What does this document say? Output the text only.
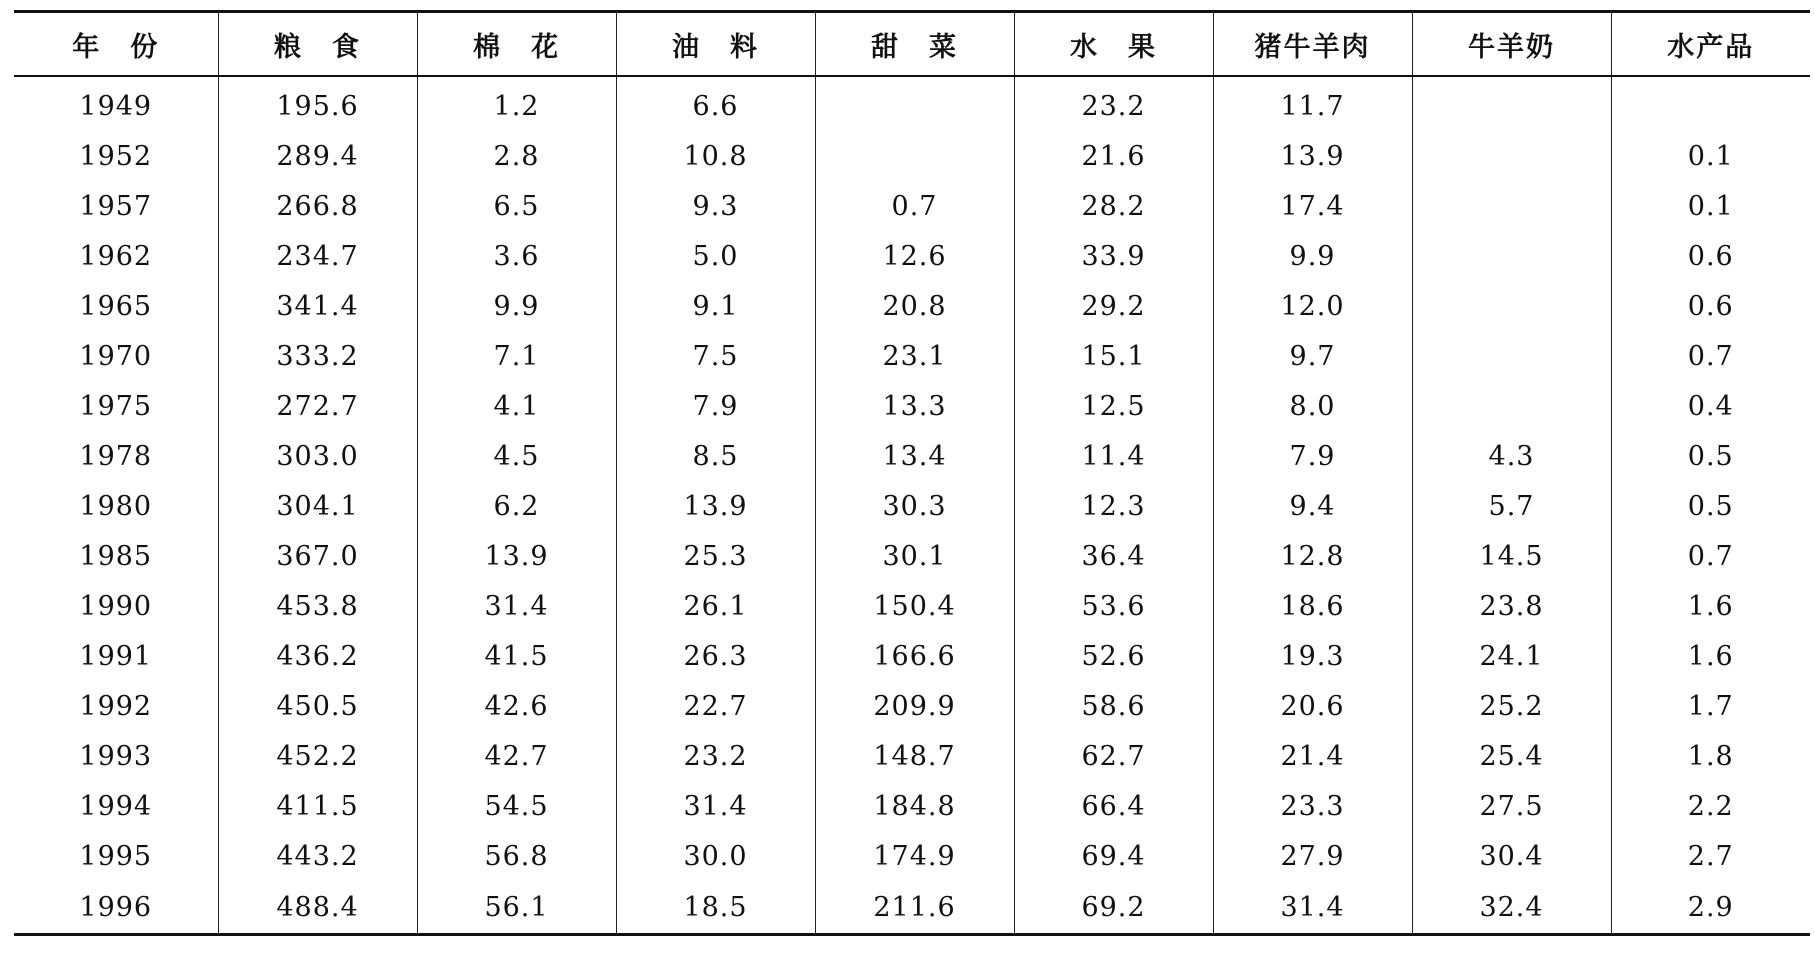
年　份	粮　食	棉　花	油　料	甜　菜	水　果	猪牛羊肉	牛羊奶	水产品
1949	195.6	1.2	6.6		23.2	11.7		
1952	289.4	2.8	10.8		21.6	13.9		0.1
1957	266.8	6.5	9.3	0.7	28.2	17.4		0.1
1962	234.7	3.6	5.0	12.6	33.9	9.9		0.6
1965	341.4	9.9	9.1	20.8	29.2	12.0		0.6
1970	333.2	7.1	7.5	23.1	15.1	9.7		0.7
1975	272.7	4.1	7.9	13.3	12.5	8.0		0.4
1978	303.0	4.5	8.5	13.4	11.4	7.9	4.3	0.5
1980	304.1	6.2	13.9	30.3	12.3	9.4	5.7	0.5
1985	367.0	13.9	25.3	30.1	36.4	12.8	14.5	0.7
1990	453.8	31.4	26.1	150.4	53.6	18.6	23.8	1.6
1991	436.2	41.5	26.3	166.6	52.6	19.3	24.1	1.6
1992	450.5	42.6	22.7	209.9	58.6	20.6	25.2	1.7
1993	452.2	42.7	23.2	148.7	62.7	21.4	25.4	1.8
1994	411.5	54.5	31.4	184.8	66.4	23.3	27.5	2.2
1995	443.2	56.8	30.0	174.9	69.4	27.9	30.4	2.7
1996	488.4	56.1	18.5	211.6	69.2	31.4	32.4	2.9
